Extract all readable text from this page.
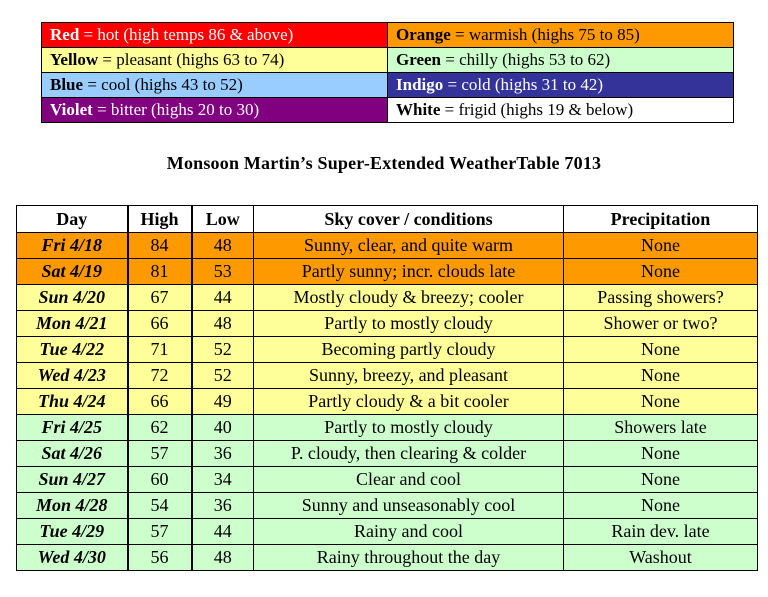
Red = hot (high temps 86 & above)	Orange = warmish (highs 75 to 85)
Yellow = pleasant (highs 63 to 74)	Green = chilly (highs 53 to 62)
Blue = cool (highs 43 to 52)	Indigo = cold (highs 31 to 42)
Violet = bitter (highs 20 to 30)	White = frigid (highs 19 & below)
Monsoon Martin’s Super-Extended WeatherTable 7013
Day	High	Low	Sky cover / conditions	Precipitation
Fri 4/18	84	48	Sunny, clear, and quite warm	None
Sat 4/19	81	53	Partly sunny; incr. clouds late	None
Sun 4/20	67	44	Mostly cloudy & breezy; cooler	Passing showers?
Mon 4/21	66	48	Partly to mostly cloudy	Shower or two?
Tue 4/22	71	52	Becoming partly cloudy	None
Wed 4/23	72	52	Sunny, breezy, and pleasant	None
Thu 4/24	66	49	Partly cloudy & a bit cooler	None
Fri 4/25	62	40	Partly to mostly cloudy	Showers late
Sat 4/26	57	36	P. cloudy, then clearing & colder	None
Sun 4/27	60	34	Clear and cool	None
Mon 4/28	54	36	Sunny and unseasonably cool	None
Tue 4/29	57	44	Rainy and cool	Rain dev. late
Wed 4/30	56	48	Rainy throughout the day	Washout
